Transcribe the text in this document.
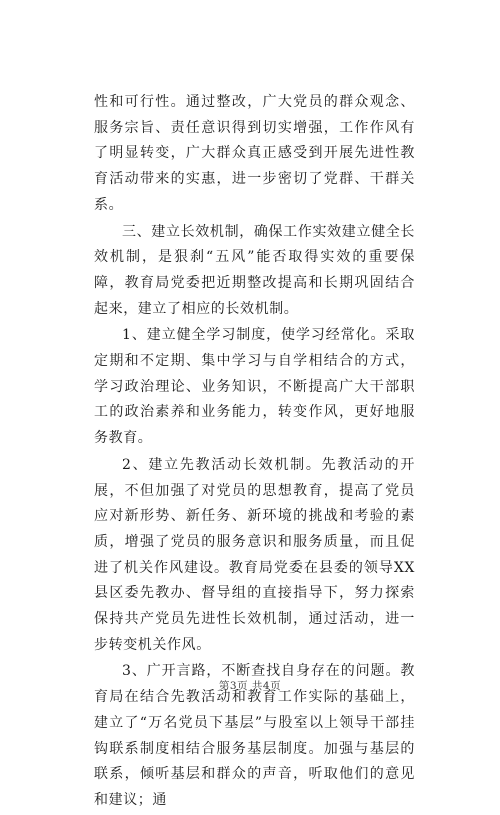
性和可行性。通过整改，广大党员的群众观念、服务宗旨、责任意识得到切实增强，工作作风有了明显转变，广大群众真正感受到开展先进性教育活动带来的实惠，进一步密切了党群、干群关系。

三、建立长效机制，确保工作实效建立健全长效机制，是狠刹“五风”能否取得实效的重要保障，教育局党委把近期整改提高和长期巩固结合起来，建立了相应的长效机制。

1、建立健全学习制度，使学习经常化。采取定期和不定期、集中学习与自学相结合的方式，学习政治理论、业务知识，不断提高广大干部职工的政治素养和业务能力，转变作风，更好地服务教育。

2、建立先教活动长效机制。先教活动的开展，不但加强了对党员的思想教育，提高了党员应对新形势、新任务、新环境的挑战和考验的素质，增强了党员的服务意识和服务质量，而且促进了机关作风建设。教育局党委在县委的领导XX县区委先教办、督导组的直接指导下，努力探索保持共产党员先进性长效机制，通过活动，进一步转变机关作风。

3、广开言路，不断查找自身存在的问题。教育局在结合先教活动和教育工作实际的基础上，建立了“万名党员下基层”与股室以上领导干部挂钩联系制度相结合服务基层制度。加强与基层的联系，倾听基层和群众的声音，听取他们的意见和建议；通

第3页 共4页
